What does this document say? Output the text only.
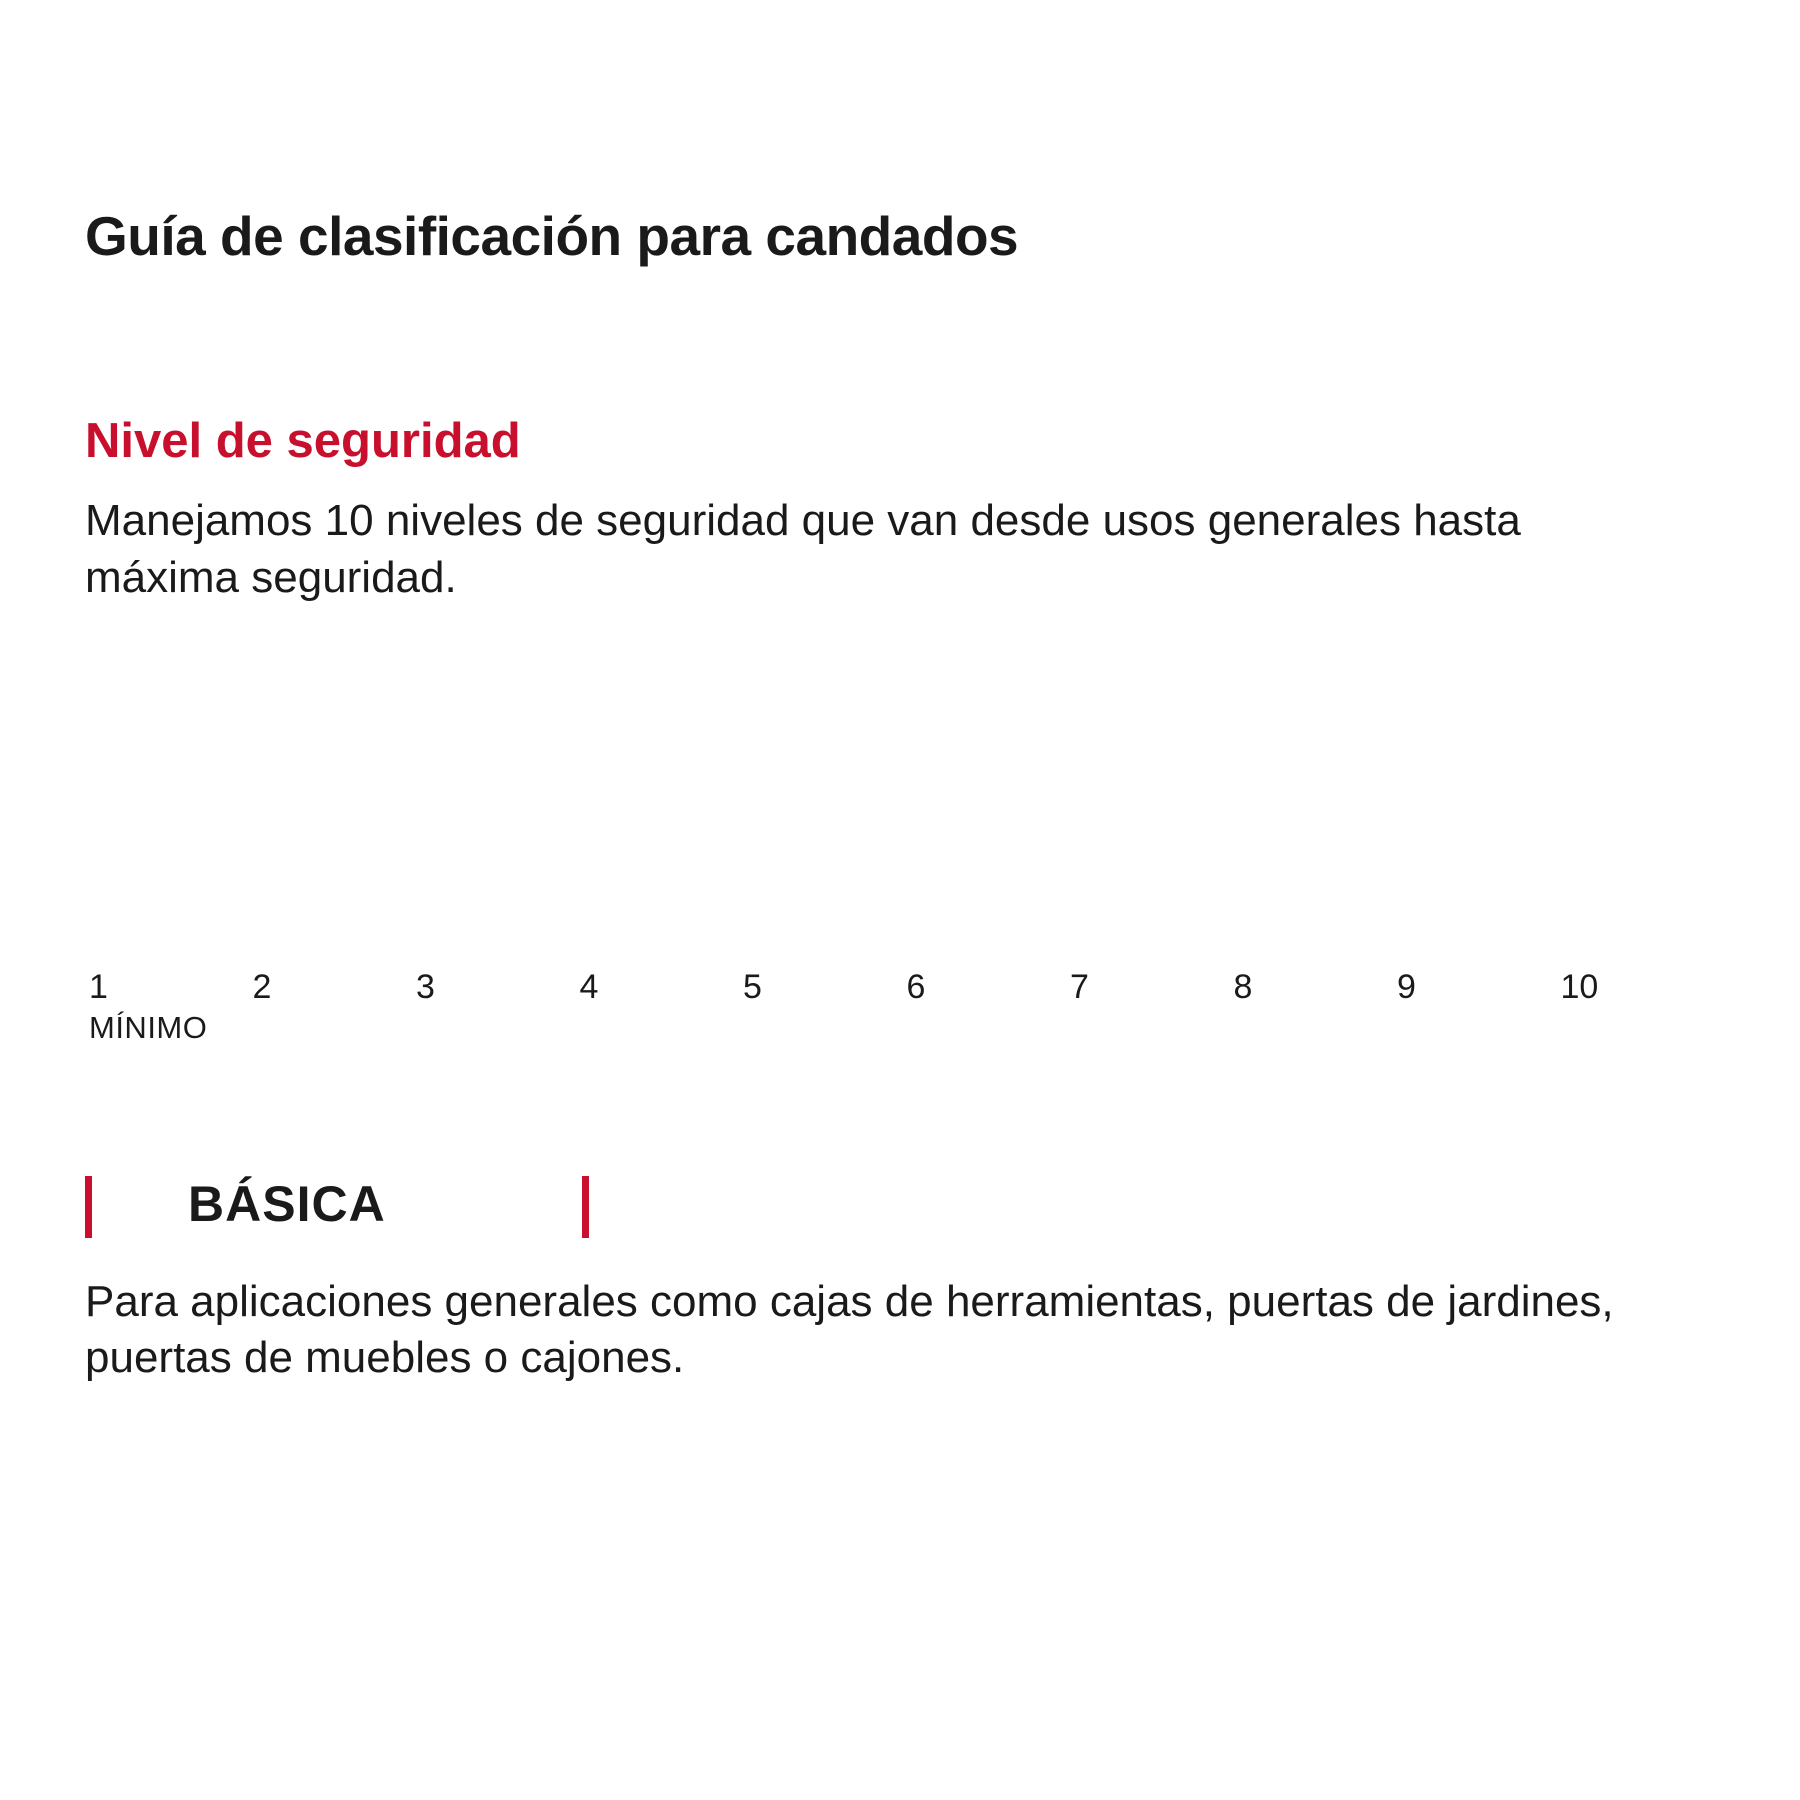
Guía de clasificación para candados
Nivel de seguridad

Manejamos 10 niveles de seguridad que van desde usos generales hasta máxima seguridad.

1	2	3	4	5	6	7	8	9	10
MÍNIMO
BÁSICA

Para aplicaciones generales como cajas de herramientas, puertas de jardines, puertas de muebles o cajones.
